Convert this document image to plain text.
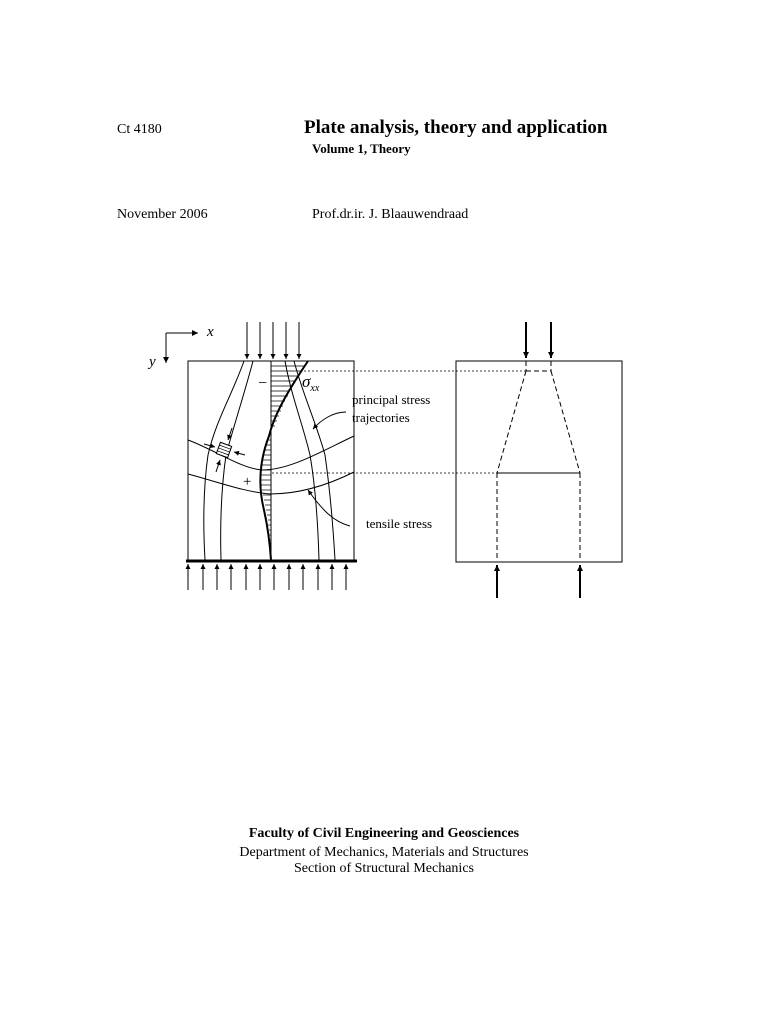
Ct 4180	Plate analysis, theory and application
Volume 1, Theory
November 2006	Prof.dr.ir. J. Blaauwendraad
x
y
−
+
$\sigma_{xx}$
principal stress
trajectories
tensile stress
Faculty of Civil Engineering and Geosciences
Department of Mechanics, Materials and Structures
Section of Structural Mechanics
